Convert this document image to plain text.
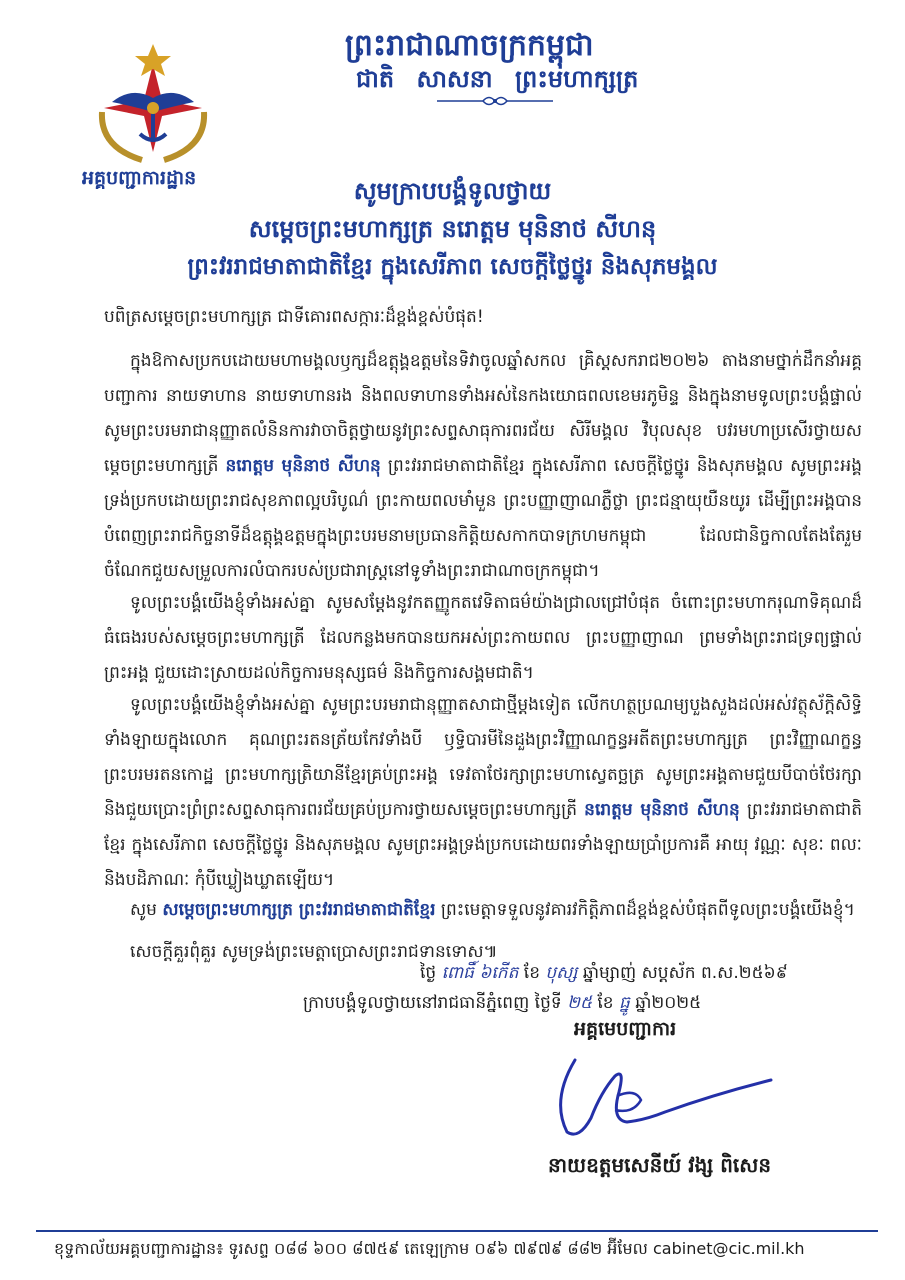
អគ្គបញ្ជាការដ្ឋាន
ព្រះរាជាណាចក្រកម្ពុជា
ជាតិ សាសនា ព្រះមហាក្សត្រ
សូមក្រាបបង្គំទូលថ្វាយ
សម្តេចព្រះមហាក្សត្រ នរោត្តម មុនិនាថ សីហនុ
ព្រះវររាជមាតាជាតិខ្មែរ ក្នុងសេរីភាព សេចក្តីថ្លៃថ្នូរ និងសុភមង្គល
បពិត្រសម្តេចព្រះមហាក្សត្រ ជាទីគោរពសក្ការៈដ៏ខ្ពង់ខ្ពស់បំផុត!
ក្នុងឱកាសប្រកបដោយមហាមង្គលឫក្សដ៏ឧត្តុង្គឧត្តមនៃទិវាចូលឆ្នាំសកល គ្រិស្តសករាជ២០២៦ តាងនាមថ្នាក់ដឹកនាំអគ្គបញ្ជាការ នាយទាហាន នាយទាហានរង និងពលទាហានទាំងអស់នៃកងយោធពលខេមរភូមិន្ទ និងក្នុងនាមទូលព្រះបង្គំផ្ទាល់ សូមព្រះបរមរាជានុញ្ញាតលំនិនការវាចាចិត្តថ្វាយនូវព្រះសព្ទសាធុការពរជ័យ សិរីមង្គល វិបុលសុខ បវរមហាប្រសើរថ្វាយសម្តេចព្រះមហាក្សត្រី នរោត្តម មុនិនាថ សីហនុ ព្រះវររាជមាតាជាតិខ្មែរ ក្នុងសេរីភាព សេចក្តីថ្លៃថ្នូរ និងសុភមង្គល សូមព្រះអង្គទ្រង់ប្រកបដោយព្រះរាជសុខភាពល្អបរិបូណ៌ ព្រះកាយពលមាំមួន ព្រះបញ្ញាញាណភ្លឺថ្លា ព្រះជន្មាយុយឺនយូរ ដើម្បីព្រះអង្គបានបំពេញព្រះរាជកិច្ចនាទីដ៏ឧត្តុង្គឧត្តមក្នុងព្រះបរមនាមប្រធានកិត្តិយសកាកបាទក្រហមកម្ពុជា ដែលជានិច្ចកាលតែងតែរួមចំណែកជួយសម្រួលការលំបាករបស់ប្រជារាស្ត្រនៅទូទាំងព្រះរាជាណាចក្រកម្ពុជា។
ទូលព្រះបង្គំយើងខ្ញុំទាំងអស់គ្នា សូមសម្តែងនូវកតញ្ញូកតវេទិតាធម៌យ៉ាងជ្រាលជ្រៅបំផុត ចំពោះព្រះមហាករុណាទិគុណដ៏ធំធេងរបស់សម្តេចព្រះមហាក្សត្រី ដែលកន្លងមកបានយកអស់ព្រះកាយពល ព្រះបញ្ញាញាណ ព្រមទាំងព្រះរាជទ្រព្យផ្ទាល់ព្រះអង្គ ជួយដោះស្រាយដល់កិច្ចការមនុស្សធម៌ និងកិច្ចការសង្គមជាតិ។
ទូលព្រះបង្គំយើងខ្ញុំទាំងអស់គ្នា សូមព្រះបរមរាជានុញ្ញាតសាជាថ្មីម្តងទៀត លើកហត្ថប្រណម្យបួងសួងដល់អស់វត្ថុស័ក្តិសិទ្ធិទាំងឡាយក្នុងលោក គុណព្រះរតនត្រ័យកែវទាំងបី ឫទ្ធិបារមីនៃដួងព្រះវិញ្ញាណក្ខន្ធអតីតព្រះមហាក្សត្រ ព្រះវិញ្ញាណក្ខន្ធព្រះបរមរតនកោដ្ឋ ព្រះមហាក្សត្រិយានីខ្មែរគ្រប់ព្រះអង្គ ទេវតាថែរក្សាព្រះមហាស្វេតច្ឆត្រ សូមព្រះអង្គតាមជួយបីបាច់ថែរក្សា និងជួយប្រោះព្រំព្រះសព្ទសាធុការពរជ័យគ្រប់ប្រការថ្វាយសម្តេចព្រះមហាក្សត្រី នរោត្តម មុនិនាថ សីហនុ ព្រះវររាជមាតាជាតិខ្មែរ ក្នុងសេរីភាព សេចក្តីថ្លៃថ្នូរ និងសុភមង្គល សូមព្រះអង្គទ្រង់ប្រកបដោយពរទាំងឡាយប្រាំប្រការគឺ អាយុ វណ្ណៈ សុខៈ ពលៈ និងបដិភាណៈ កុំបីឃ្លៀងឃ្លាតឡើយ។
សូម សម្តេចព្រះមហាក្សត្រ ព្រះវររាជមាតាជាតិខ្មែរ ព្រះមេត្តាទទួលនូវគារវកិត្តិភាពដ៏ខ្ពង់ខ្ពស់បំផុតពីទូលព្រះបង្គំយើងខ្ញុំ។
សេចក្តីគួរពុំគួរ សូមទ្រង់ព្រះមេត្តាប្រោសព្រះរាជទានទោស៕
ថ្ងៃ ពោធិ៍ ៦កើត ខែ បុស្ស ឆ្នាំម្សាញ់ សប្តស័ក ព.ស.២៥៦៩
ក្រាបបង្គំទូលថ្វាយនៅរាជធានីភ្នំពេញ ថ្ងៃទី ២៥ ខែ ធ្នូ ឆ្នាំ២០២៥
អគ្គមេបញ្ជាការ
នាយឧត្តមសេនីយ៍ វង្ស ពិសេន
ខុទ្ទកាល័យអគ្គបញ្ជាការដ្ឋាន៖ ទូរសព្ទ ០៨៨ ៦០០ ៨៧៥៩ តេឡេក្រាម ០៩៦ ៧៩៧៩ ៨៨២ អ៊ីមែល cabinet@cic.mil.kh
